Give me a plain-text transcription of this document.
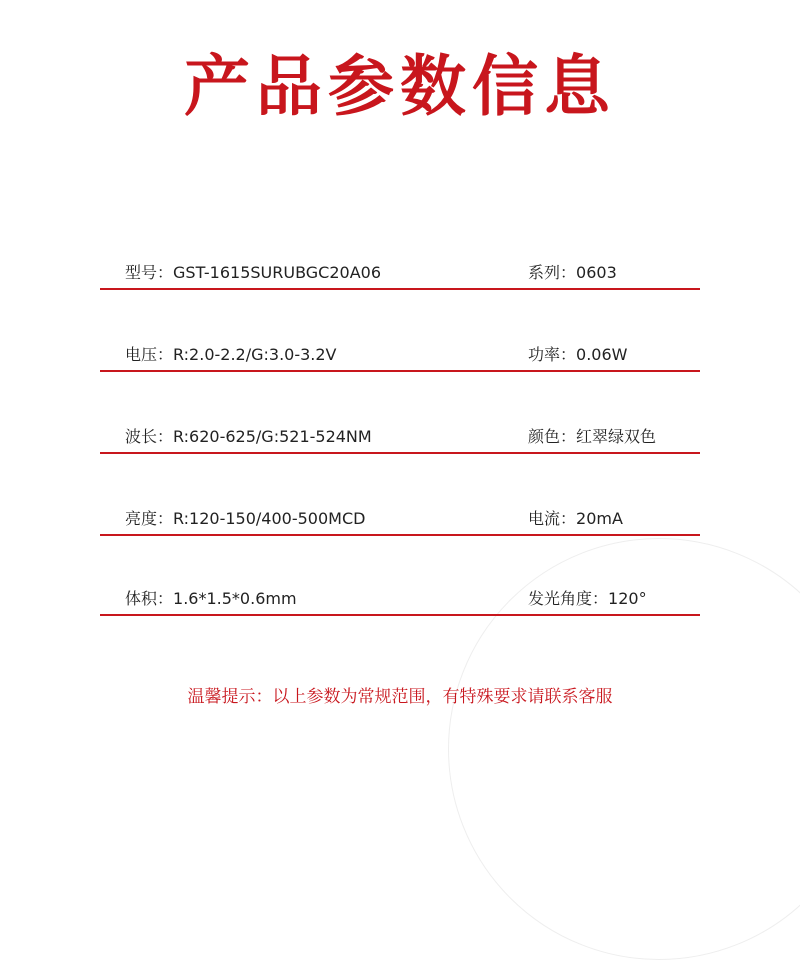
产品参数信息
型号：GST-1615SURUBGC20A06	系列：0603
电压：R:2.0-2.2/G:3.0-3.2V	功率：0.06W
波长：R:620-625/G:521-524NM	颜色：红翠绿双色
亮度：R:120-150/400-500MCD	电流：20mA
体积：1.6*1.5*0.6mm	发光角度：120°
温馨提示：以上参数为常规范围，有特殊要求请联系客服
